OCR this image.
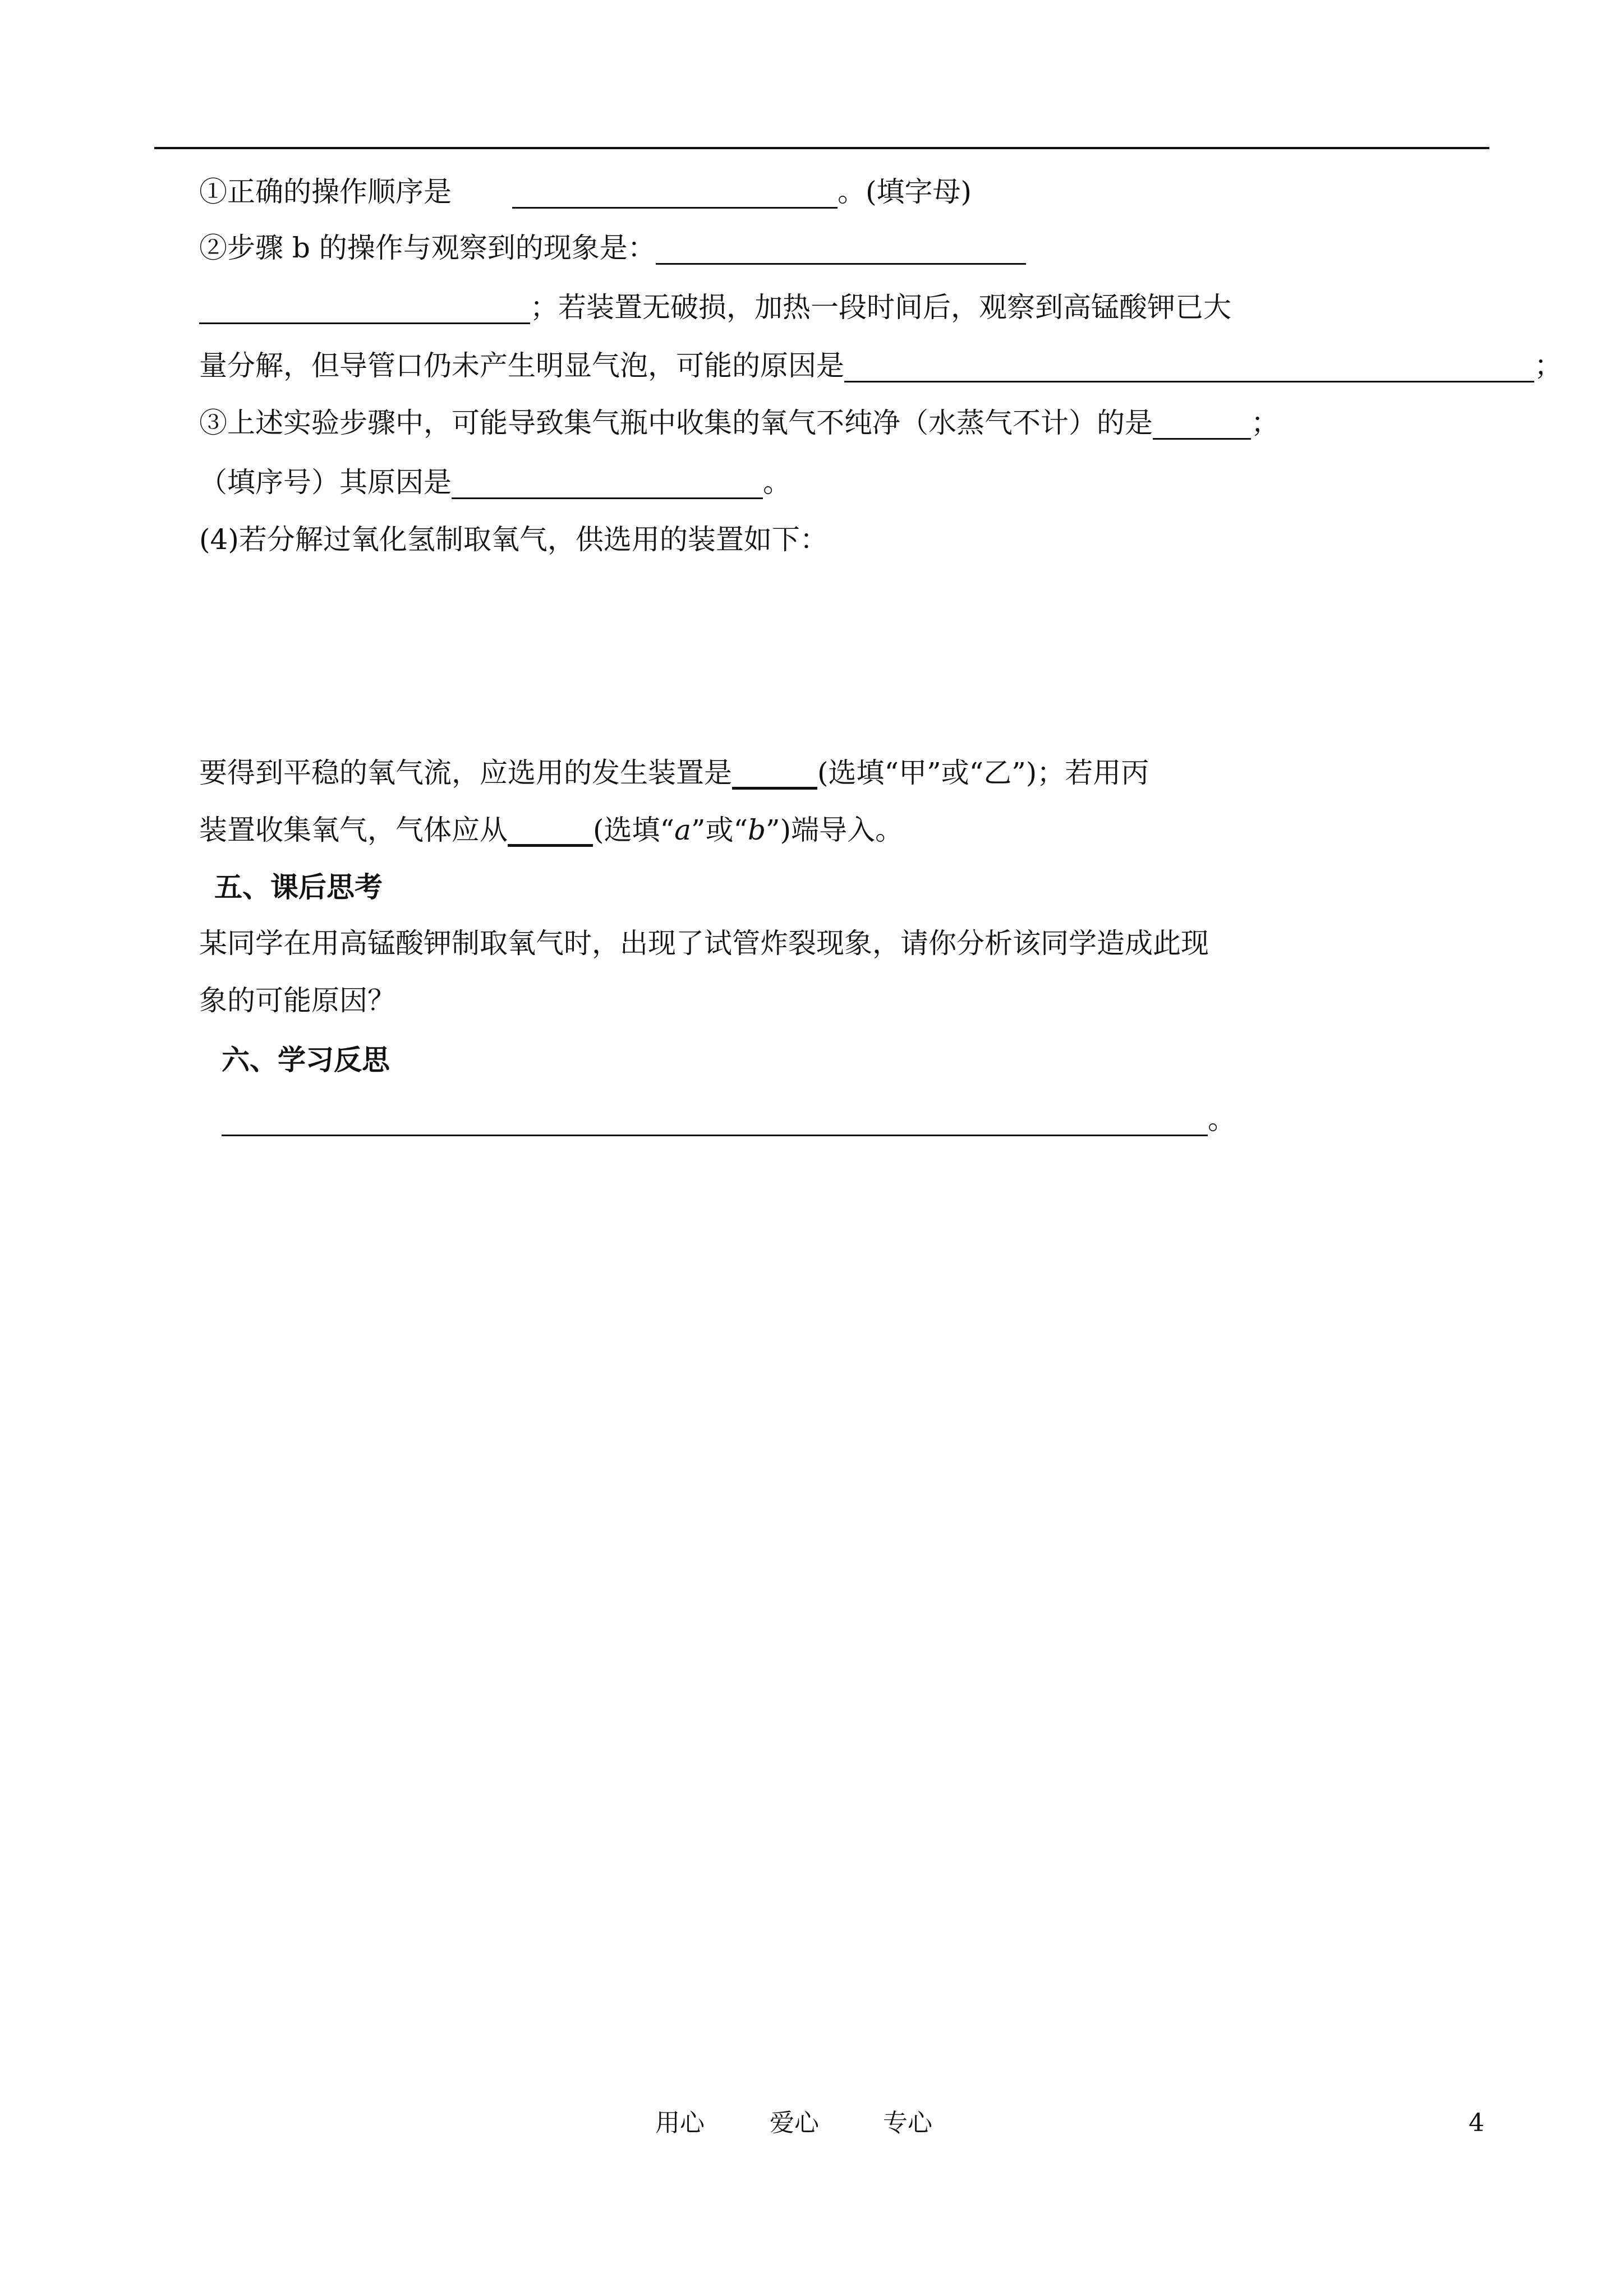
①正确的操作顺序是	。(填字母)
②步骤 b 的操作与观察到的现象是：
；若装置无破损，加热一段时间后，观察到高锰酸钾已大
量分解，但导管口仍未产生明显气泡，可能的原因是	；
③上述实验步骤中，可能导致集气瓶中收集的氧气不纯净（水蒸气不计）的是	；
（填序号）其原因是	。
(4)若分解过氧化氢制取氧气，供选用的装置如下：
要得到平稳的氧气流，应选用的发生装置是	(选填“甲”或“乙”)；若用丙
装置收集氧气，气体应从	(选填“a”或“b”)端导入。
五、课后思考
某同学在用高锰酸钾制取氧气时，出现了试管炸裂现象，请你分析该同学造成此现
象的可能原因？
六、学习反思
。
用心	爱心	专心	4
